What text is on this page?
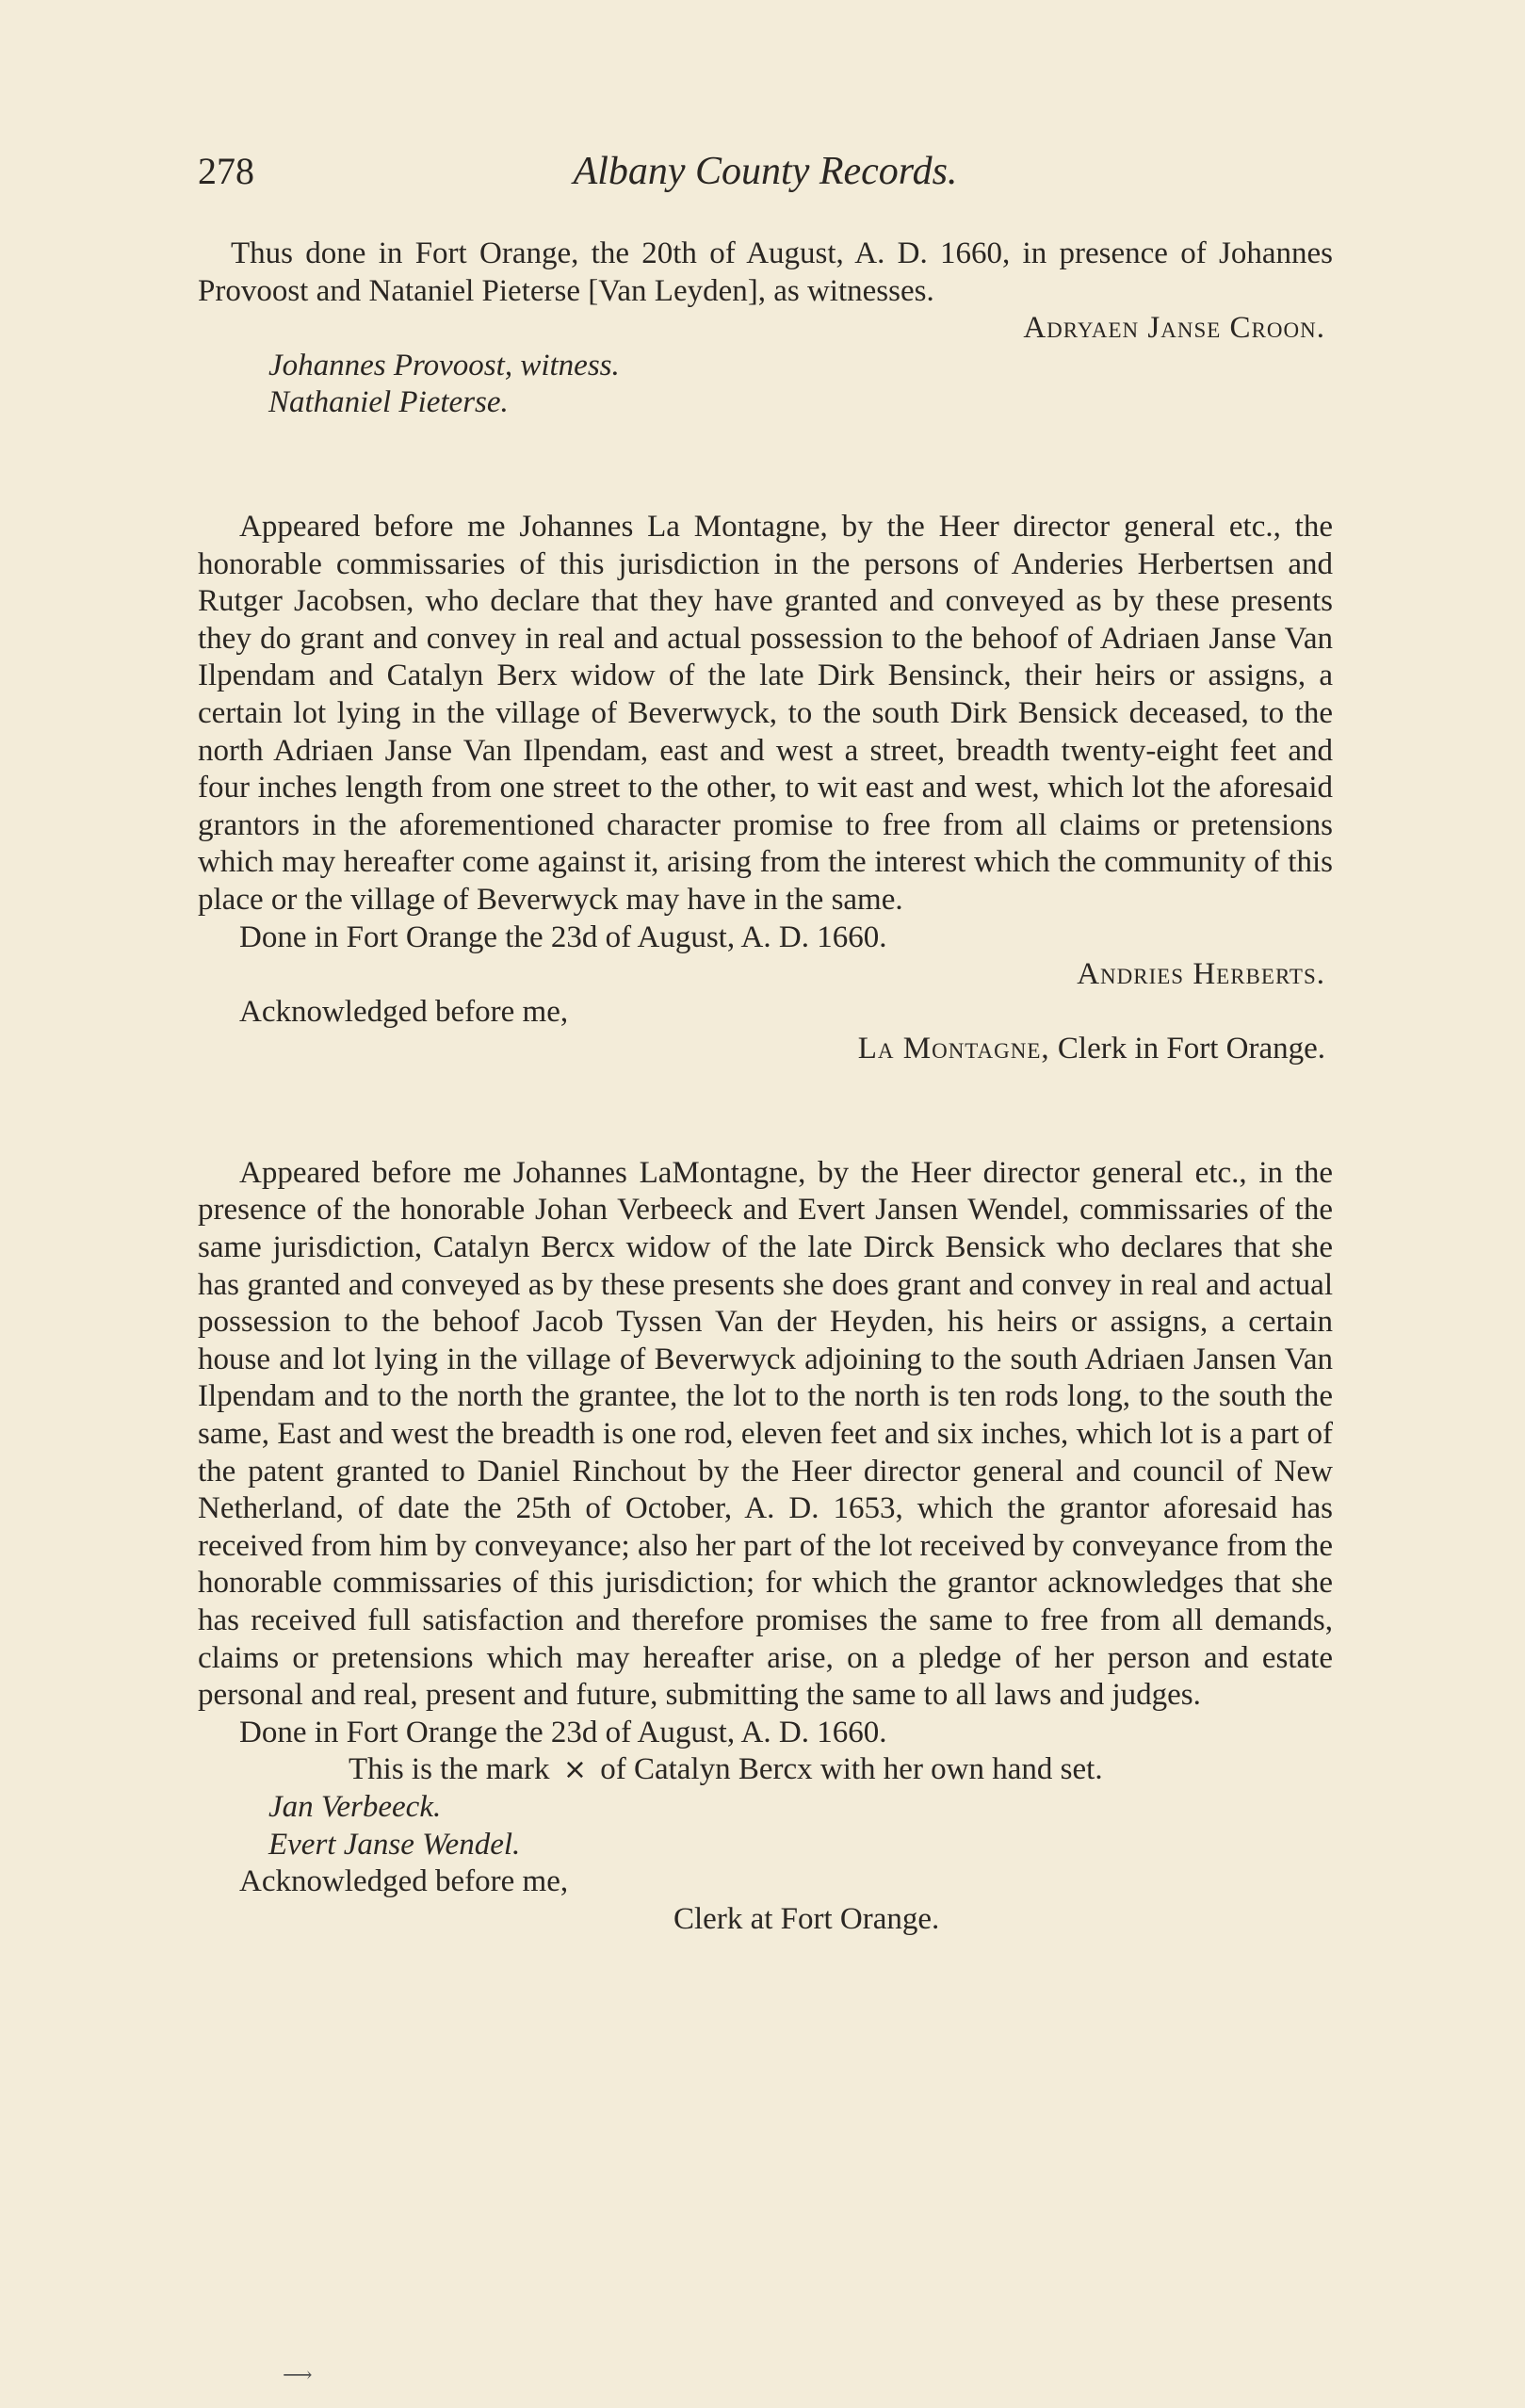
278	Albany County Records.

Thus done in Fort Orange, the 20th of August, A. D. 1660, in presence of Johannes Provoost and Nataniel Pieterse [Van Leyden], as witnesses.

Adryaen Janse Croon.

Johannes Provoost, witness.

Nathaniel Pieterse.

Appeared before me Johannes La Montagne, by the Heer director general etc., the honorable commissaries of this jurisdiction in the persons of Anderies Herbertsen and Rutger Jacobsen, who declare that they have granted and conveyed as by these presents they do grant and convey in real and actual possession to the behoof of Adriaen Janse Van Ilpendam and Catalyn Berx widow of the late Dirk Bensinck, their heirs or assigns, a certain lot lying in the village of Beverwyck, to the south Dirk Bensick deceased, to the north Adriaen Janse Van Ilpendam, east and west a street, breadth twenty-eight feet and four inches length from one street to the other, to wit east and west, which lot the aforesaid grantors in the aforementioned character promise to free from all claims or pretensions which may hereafter come against it, arising from the interest which the community of this place or the village of Beverwyck may have in the same.

Done in Fort Orange the 23d of August, A. D. 1660.

Andries Herberts.

Acknowledged before me,

La Montagne, Clerk in Fort Orange.

Appeared before me Johannes LaMontagne, by the Heer director general etc., in the presence of the honorable Johan Verbeeck and Evert Jansen Wendel, commissaries of the same jurisdiction, Catalyn Bercx widow of the late Dirck Bensick who declares that she has granted and conveyed as by these presents she does grant and convey in real and actual possession to the behoof Jacob Tyssen Van der Heyden, his heirs or assigns, a certain house and lot lying in the village of Beverwyck adjoining to the south Adriaen Jansen Van Ilpendam and to the north the grantee, the lot to the north is ten rods long, to the south the same, East and west the breadth is one rod, eleven feet and six inches, which lot is a part of the patent granted to Daniel Rinchout by the Heer director general and council of New Netherland, of date the 25th of October, A. D. 1653, which the grantor aforesaid has received from him by conveyance; also her part of the lot received by conveyance from the honorable commissaries of this jurisdiction; for which the grantor acknowledges that she has received full satisfaction and therefore promises the same to free from all demands, claims or pretensions which may hereafter arise, on a pledge of her person and estate personal and real, present and future, submitting the same to all laws and judges.

Done in Fort Orange the 23d of August, A. D. 1660.

This is the mark × of Catalyn Bercx with her own hand set.

Jan Verbeeck.

Evert Janse Wendel.

Acknowledged before me,

Clerk at Fort Orange.

⟶
